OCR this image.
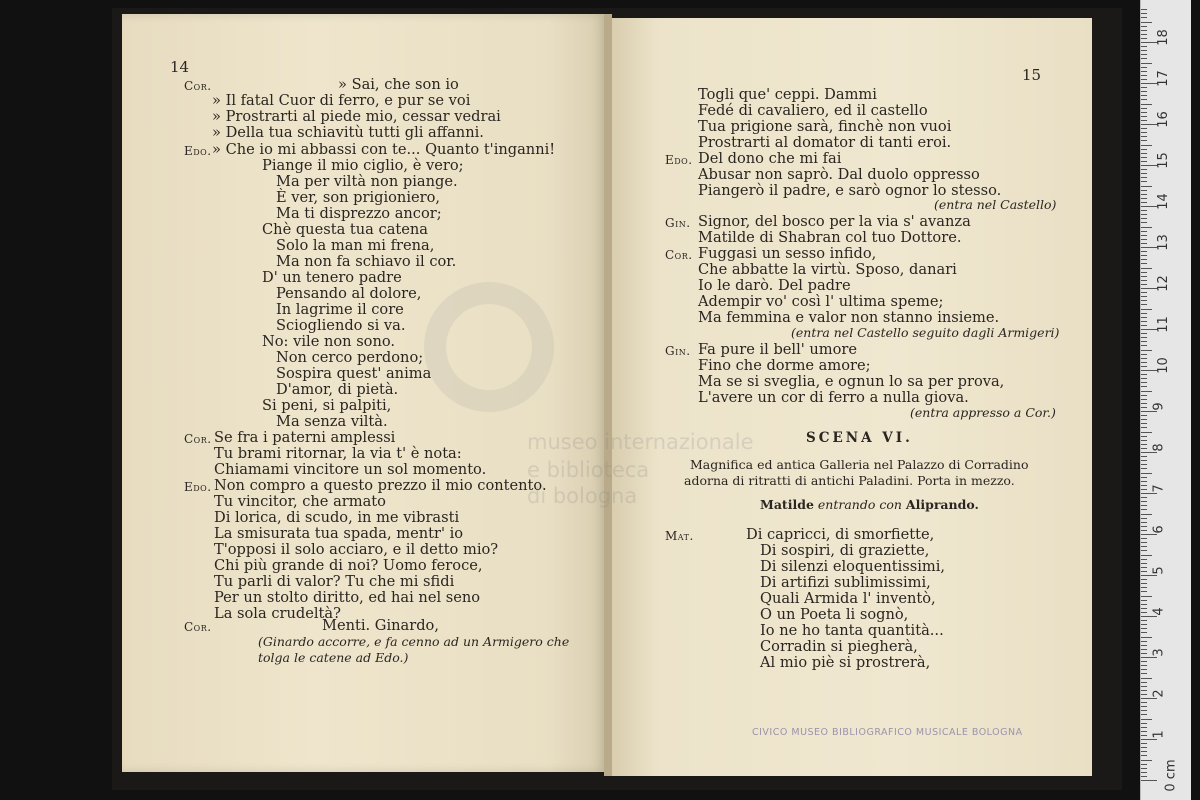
museo internazionale
e biblioteca
di bologna
14	15
Cor.	» Sai, che son io
» Il fatal Cuor di ferro, e pur se voi
» Prostrarti al piede mio, cessar vedrai
» Della tua schiavitù tutti gli affanni.
Edo. » Che io mi abbassi con te... Quanto t'inganni!
Piange il mio ciglio, è vero;
Ma per viltà non piange.
È ver, son prigioniero,
Ma ti disprezzo ancor;
Chè questa tua catena
Solo la man mi frena,
Ma non fa schiavo il cor.
D' un tenero padre
Pensando al dolore,
In lagrime il core
Sciogliendo si va.
No: vile non sono.
Non cerco perdono;
Sospira quest' anima
D'amor, di pietà.
Si peni, si palpiti,
Ma senza viltà.
Cor. Se fra i paterni amplessi
Tu brami ritornar, la via t' è nota:
Chiamami vincitore un sol momento.
Edo. Non compro a questo prezzo il mio contento.
Tu vincitor, che armato
Di lorica, di scudo, in me vibrasti
La smisurata tua spada, mentr' io
T'opposi il solo acciaro, e il detto mio?
Chi più grande di noi? Uomo feroce,
Tu parli di valor? Tu che mi sfidi
Per un stolto diritto, ed hai nel seno
La sola crudeltà?
Cor.	Menti. Ginardo,
(Ginardo accorre, e fa cenno ad un Armigero che
tolga le catene ad Edo.)
Togli que' ceppi. Dammi
Fedé di cavaliero, ed il castello
Tua prigione sarà, finchè non vuoi
Prostrarti al domator di tanti eroi.
Edo. Del dono che mi fai
Abusar non saprò. Dal duolo oppresso
Piangerò il padre, e sarò ognor lo stesso.
Gin. Signor, del bosco per la via s' avanza
Matilde di Shabran col tuo Dottore.
Cor. Fuggasi un sesso infido,
Che abbatte la virtù. Sposo, danari
Io le darò. Del padre
Adempir vo' così l' ultima speme;
Ma femmina e valor non stanno insieme.
Gin. Fa pure il bell' umore
Fino che dorme amore;
Ma se si sveglia, e ognun lo sa per prova,
L'avere un cor di ferro a nulla giova.
Mat.	Di capricci, di smorfiette,
Di sospiri, di graziette,
Di silenzi eloquentissimi,
Di artifizi sublimissimi,
Quali Armida l' inventò,
O un Poeta li sognò,
Io ne ho tanta quantità...
Corradin si piegherà,
Al mio piè si prostrerà,
(entra nel Castello)
(entra nel Castello seguito dagli Armigeri)
(entra appresso a Cor.)
SCENA VI.
Magnifica ed antica Galleria nel Palazzo di Corradino
adorna di ritratti di antichi Paladini. Porta in mezzo.
Matilde entrando con Aliprando.
CIVICO MUSEO BIBLIOGRAFICO MUSICALE BOLOGNA
0 cm
1
2
3
4
5
6
7
8
9
10
11
12
13
14
15
16
17
18
